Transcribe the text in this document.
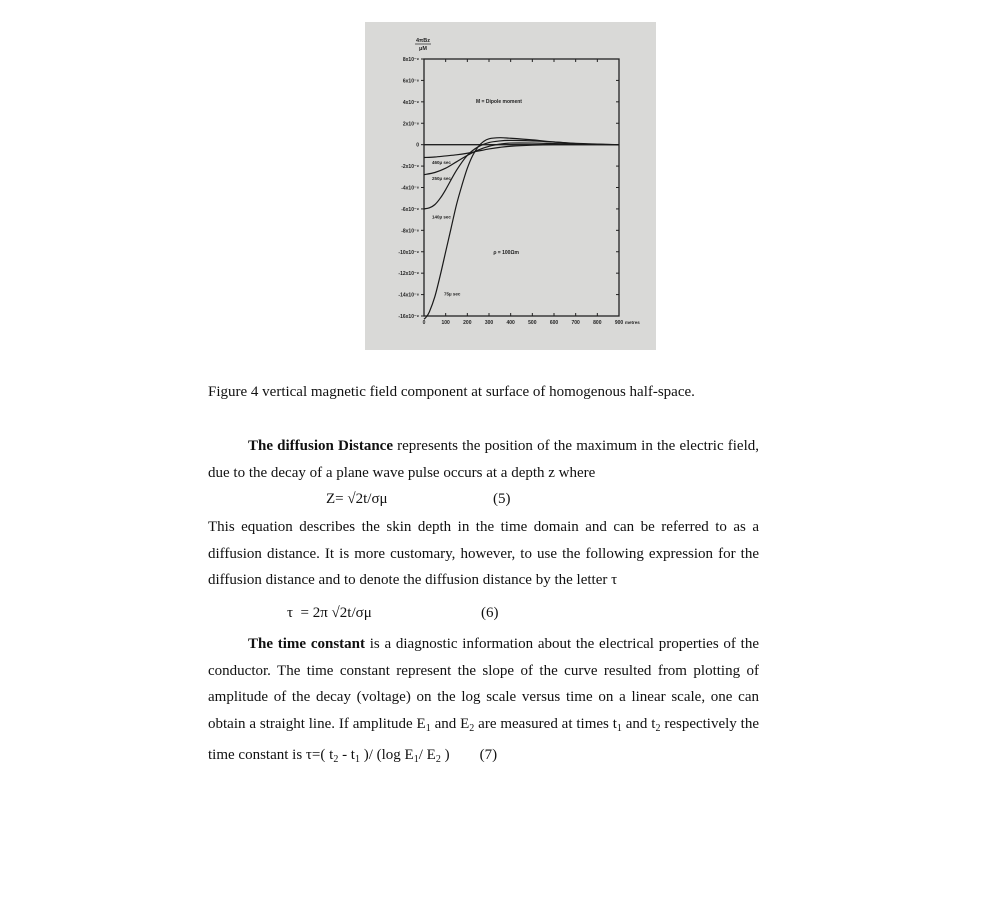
8x10⁻⁸
6x10⁻⁸
4x10⁻⁸
2x10⁻⁸
0
-2x10⁻⁸
-4x10⁻⁸
-6x10⁻⁸
-8x10⁻⁸
-10x10⁻⁸
-12x10⁻⁸
-14x10⁻⁸
-16x10⁻⁸
0	100	200	300	400	500	600	700	800	900 metres
4πBz
μM
460µ sec
250µ sec
140µ sec
75µ sec
M = Dipole moment
ρ = 100Ωm
Figure 4 vertical magnetic field component at surface of homogenous half-space.
The diffusion Distance represents the position of the maximum in the electric field, due to the decay of a plane wave pulse occurs at a depth z where
Z= √2t/σμ	(5)
This equation describes the skin depth in the time domain and can be referred to as a diffusion distance. It is more customary, however, to use the following expression for the diffusion distance and to denote the diffusion distance by the letter τ
τ  = 2π √2t/σμ	(6)
The time constant is a diagnostic information about the electrical properties of the conductor. The time constant represent the slope of the curve resulted from plotting of amplitude of the decay (voltage) on the log scale versus time on a linear scale, one can obtain a straight line. If amplitude $E_1$ and $E_2$ are measured at times $t_1$ and $t_2$ respectively the time constant is τ=( $t_2 - t_1$ )/ (log $E_1/$ $E_2$ ) (7)
